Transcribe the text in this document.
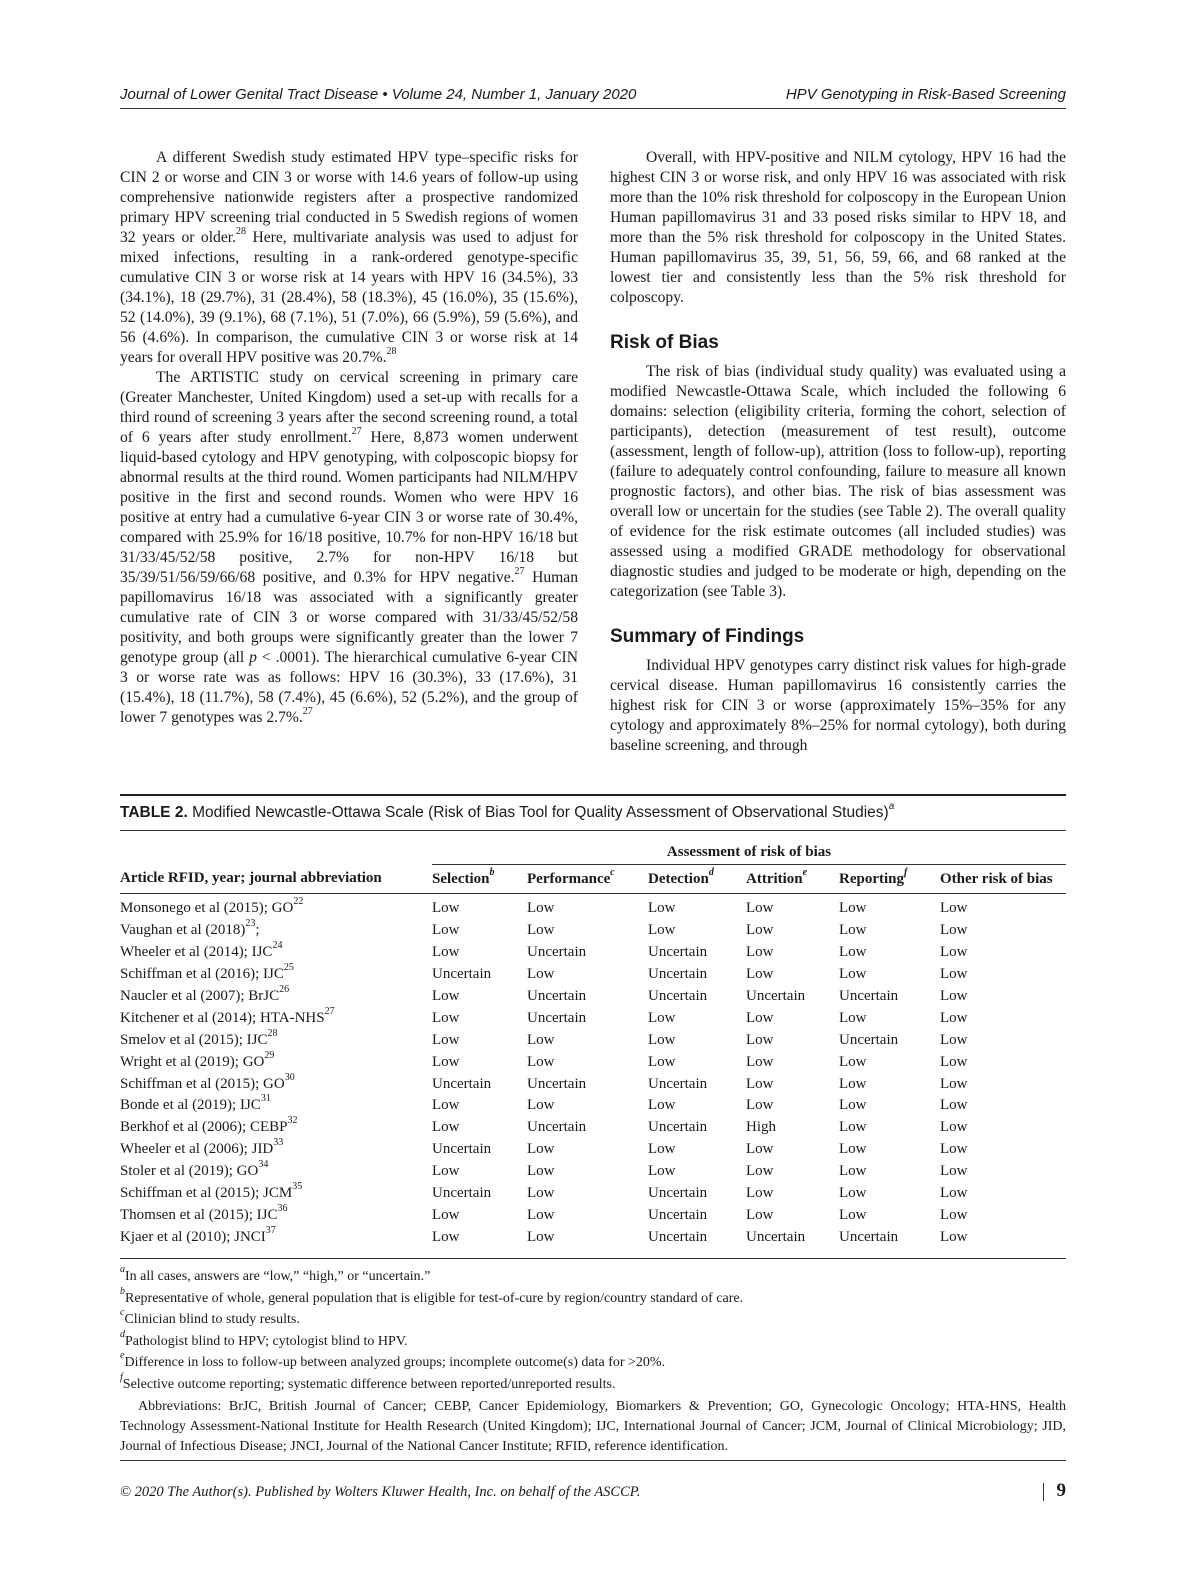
Journal of Lower Genital Tract Disease • Volume 24, Number 1, January 2020	HPV Genotyping in Risk-Based Screening

A different Swedish study estimated HPV type–specific risks for CIN 2 or worse and CIN 3 or worse with 14.6 years of follow-up using comprehensive nationwide registers after a prospective randomized primary HPV screening trial conducted in 5 Swedish regions of women 32 years or older.$^{28}$ Here, multivariate analysis was used to adjust for mixed infections, resulting in a rank-ordered genotype-specific cumulative CIN 3 or worse risk at 14 years with HPV 16 (34.5%), 33 (34.1%), 18 (29.7%), 31 (28.4%), 58 (18.3%), 45 (16.0%), 35 (15.6%), 52 (14.0%), 39 (9.1%), 68 (7.1%), 51 (7.0%), 66 (5.9%), 59 (5.6%), and 56 (4.6%). In comparison, the cumulative CIN 3 or worse risk at 14 years for overall HPV positive was 20.7%.$^{28}$

The ARTISTIC study on cervical screening in primary care (Greater Manchester, United Kingdom) used a set-up with recalls for a third round of screening 3 years after the second screening round, a total of 6 years after study enrollment.$^{27}$ Here, 8,873 women underwent liquid-based cytology and HPV genotyping, with colposcopic biopsy for abnormal results at the third round. Women participants had NILM/HPV positive in the first and second rounds. Women who were HPV 16 positive at entry had a cumulative 6-year CIN 3 or worse rate of 30.4%, compared with 25.9% for 16/18 positive, 10.7% for non-HPV 16/18 but 31/33/45/52/58 positive, 2.7% for non-HPV 16/18 but 35/39/51/56/59/66/68 positive, and 0.3% for HPV negative.$^{27}$ Human papillomavirus 16/18 was associated with a significantly greater cumulative rate of CIN 3 or worse compared with 31/33/45/52/58 positivity, and both groups were significantly greater than the lower 7 genotype group (all p < .0001). The hierarchical cumulative 6-year CIN 3 or worse rate was as follows: HPV 16 (30.3%), 33 (17.6%), 31 (15.4%), 18 (11.7%), 58 (7.4%), 45 (6.6%), 52 (5.2%), and the group of lower 7 genotypes was 2.7%.$^{27}$

Overall, with HPV-positive and NILM cytology, HPV 16 had the highest CIN 3 or worse risk, and only HPV 16 was associated with risk more than the 10% risk threshold for colposcopy in the European Union Human papillomavirus 31 and 33 posed risks similar to HPV 18, and more than the 5% risk threshold for colposcopy in the United States. Human papillomavirus 35, 39, 51, 56, 59, 66, and 68 ranked at the lowest tier and consistently less than the 5% risk threshold for colposcopy.

Risk of Bias

The risk of bias (individual study quality) was evaluated using a modified Newcastle-Ottawa Scale, which included the following 6 domains: selection (eligibility criteria, forming the cohort, selection of participants), detection (measurement of test result), outcome (assessment, length of follow-up), attrition (loss to follow-up), reporting (failure to adequately control confounding, failure to measure all known prognostic factors), and other bias. The risk of bias assessment was overall low or uncertain for the studies (see Table 2). The overall quality of evidence for the risk estimate outcomes (all included studies) was assessed using a modified GRADE methodology for observational diagnostic studies and judged to be moderate or high, depending on the categorization (see Table 3).

Summary of Findings

Individual HPV genotypes carry distinct risk values for high-grade cervical disease. Human papillomavirus 16 consistently carries the highest risk for CIN 3 or worse (approximately 15%–35% for any cytology and approximately 8%–25% for normal cytology), both during baseline screening, and through

TABLE 2. Modified Newcastle-Ottawa Scale (Risk of Bias Tool for Quality Assessment of Observational Studies)$^a$
	Assessment of risk of bias					
Article RFID, year; journal abbreviation	Selection$^b$	Performance$^c$	Detection$^d$	Attrition$^e$	Reporting$^f$	Other risk of bias
Monsonego et al (2015); GO$^{22}$	Low	Low	Low	Low	Low	Low
Vaughan et al $(2018)^{23}$;	Low	Low	Low	Low	Low	Low
Wheeler et al (2014); IJC$^{24}$	Low	Uncertain	Uncertain	Low	Low	Low
Schiffman et al (2016); IJC$^{25}$	Uncertain	Low	Uncertain	Low	Low	Low
Naucler et al (2007); BrJC$^{26}$	Low	Uncertain	Uncertain	Uncertain	Uncertain	Low
Kitchener et al (2014); HTA-NHS$^{27}$	Low	Uncertain	Low	Low	Low	Low
Smelov et al (2015); IJC$^{28}$	Low	Low	Low	Low	Uncertain	Low
Wright et al (2019); GO$^{29}$	Low	Low	Low	Low	Low	Low
Schiffman et al (2015); GO$^{30}$	Uncertain	Uncertain	Uncertain	Low	Low	Low
Bonde et al (2019); IJC$^{31}$	Low	Low	Low	Low	Low	Low
Berkhof et al (2006); CEBP$^{32}$	Low	Uncertain	Uncertain	High	Low	Low
Wheeler et al (2006); JID$^{33}$	Uncertain	Low	Low	Low	Low	Low
Stoler et al (2019); GO$^{34}$	Low	Low	Low	Low	Low	Low
Schiffman et al (2015); JCM$^{35}$	Uncertain	Low	Uncertain	Low	Low	Low
Thomsen et al (2015); IJC$^{36}$	Low	Low	Uncertain	Low	Low	Low
Kjaer et al (2010); JNCI$^{37}$	Low	Low	Uncertain	Uncertain	Uncertain	Low

$^a$In all cases, answers are “low,” “high,” or “uncertain.”

$^b$Representative of whole, general population that is eligible for test-of-cure by region/country standard of care.

$^c$Clinician blind to study results.

$^d$Pathologist blind to HPV; cytologist blind to HPV.

$^e$Difference in loss to follow-up between analyzed groups; incomplete outcome(s) data for >20%.

$^f$Selective outcome reporting; systematic difference between reported/unreported results.

Abbreviations: BrJC, British Journal of Cancer; CEBP, Cancer Epidemiology, Biomarkers & Prevention; GO, Gynecologic Oncology; HTA-HNS, Health Technology Assessment-National Institute for Health Research (United Kingdom); IJC, International Journal of Cancer; JCM, Journal of Clinical Microbiology; JID, Journal of Infectious Disease; JNCI, Journal of the National Cancer Institute; RFID, reference identification.

© 2020 The Author(s). Published by Wolters Kluwer Health, Inc. on behalf of the ASCCP.	9
